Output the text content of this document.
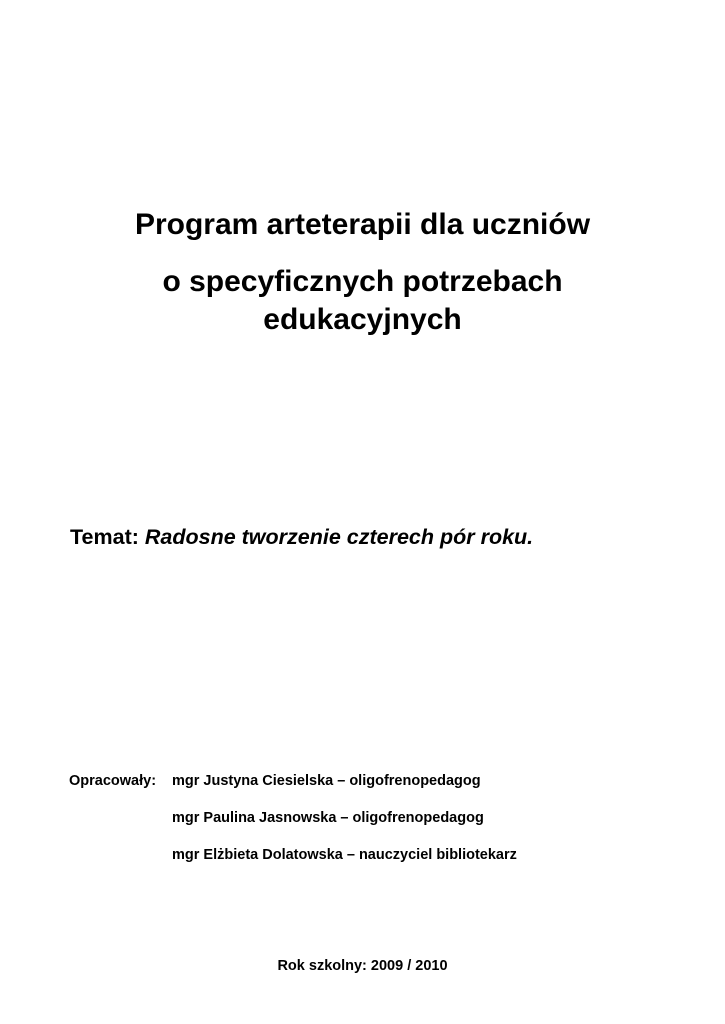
Program arteterapii dla uczniów
o specyficznych potrzebach
edukacyjnych
Temat: Radosne tworzenie czterech pór roku.
Opracowały: mgr Justyna Ciesielska – oligofrenopedagog
mgr Paulina Jasnowska – oligofrenopedagog
mgr Elżbieta Dolatowska – nauczyciel bibliotekarz
Rok szkolny: 2009 / 2010
